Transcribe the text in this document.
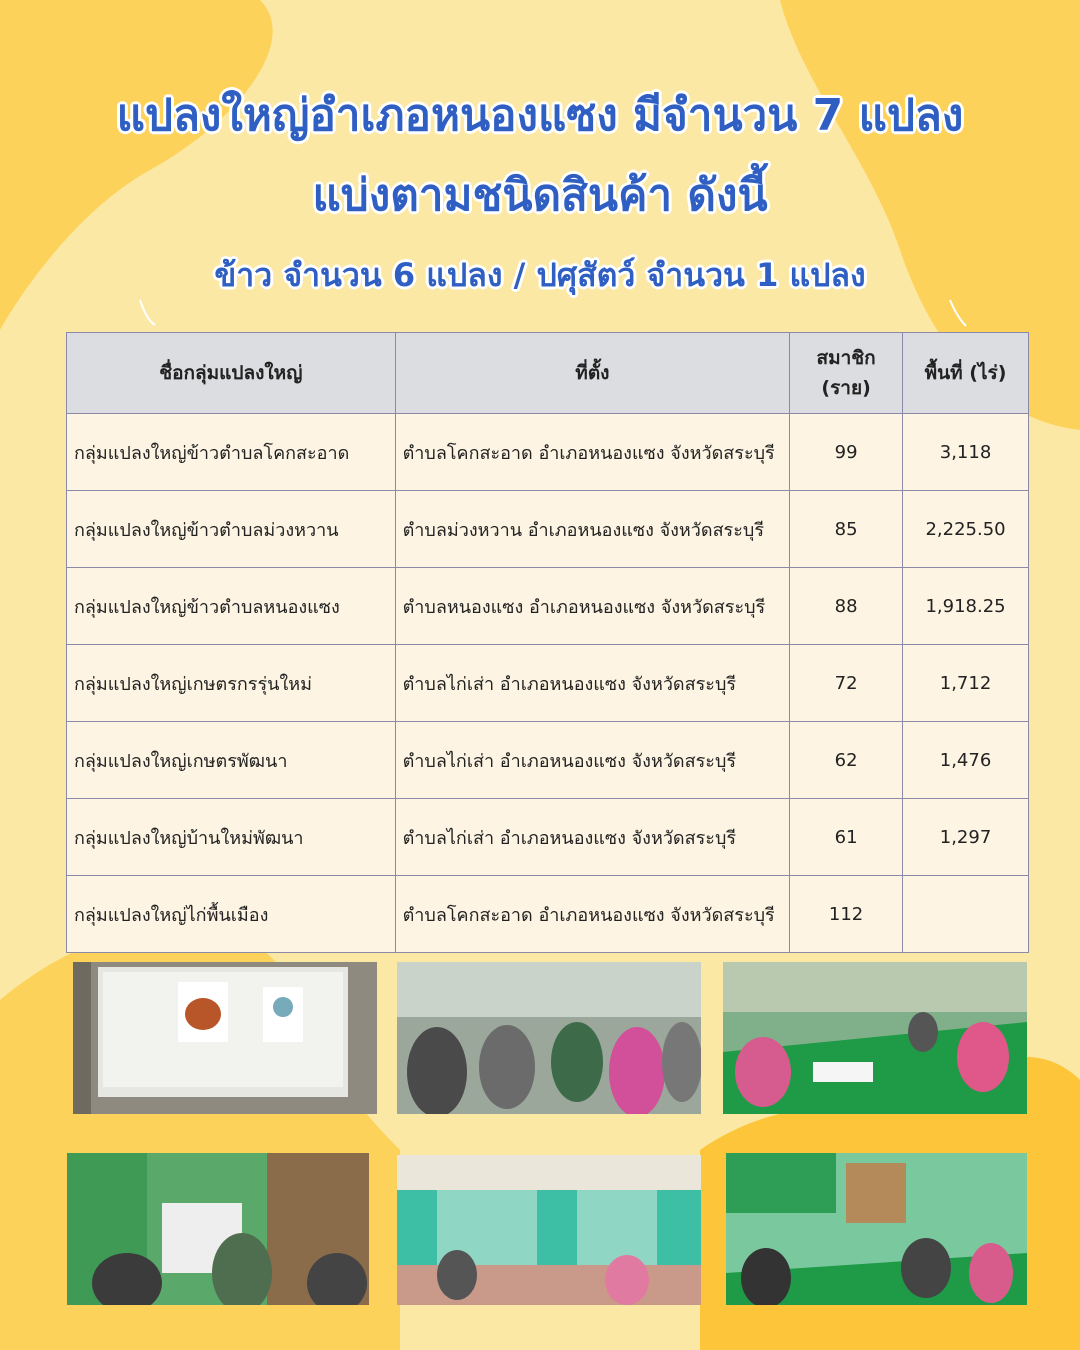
แปลงใหญ่อำเภอหนองแซง มีจำนวน 7 แปลง
แบ่งตามชนิดสินค้า ดังนี้
ข้าว จำนวน 6 แปลง / ปศุสัตว์ จำนวน 1 แปลง
ชื่อกลุ่มแปลงใหญ่	ที่ตั้ง	สมาชิก (ราย)	พื้นที่ (ไร่)
กลุ่มแปลงใหญ่ข้าวตำบลโคกสะอาด	ตำบลโคกสะอาด อำเภอหนองแซง จังหวัดสระบุรี	99	3,118
กลุ่มแปลงใหญ่ข้าวตำบลม่วงหวาน	ตำบลม่วงหวาน อำเภอหนองแซง จังหวัดสระบุรี	85	2,225.50
กลุ่มแปลงใหญ่ข้าวตำบลหนองแซง	ตำบลหนองแซง อำเภอหนองแซง จังหวัดสระบุรี	88	1,918.25
กลุ่มแปลงใหญ่เกษตรกรรุ่นใหม่	ตำบลไก่เส่า อำเภอหนองแซง จังหวัดสระบุรี	72	1,712
กลุ่มแปลงใหญ่เกษตรพัฒนา	ตำบลไก่เส่า อำเภอหนองแซง จังหวัดสระบุรี	62	1,476
กลุ่มแปลงใหญ่บ้านใหม่พัฒนา	ตำบลไก่เส่า อำเภอหนองแซง จังหวัดสระบุรี	61	1,297
กลุ่มแปลงใหญ่ไก่พื้นเมือง	ตำบลโคกสะอาด อำเภอหนองแซง จังหวัดสระบุรี	112	
